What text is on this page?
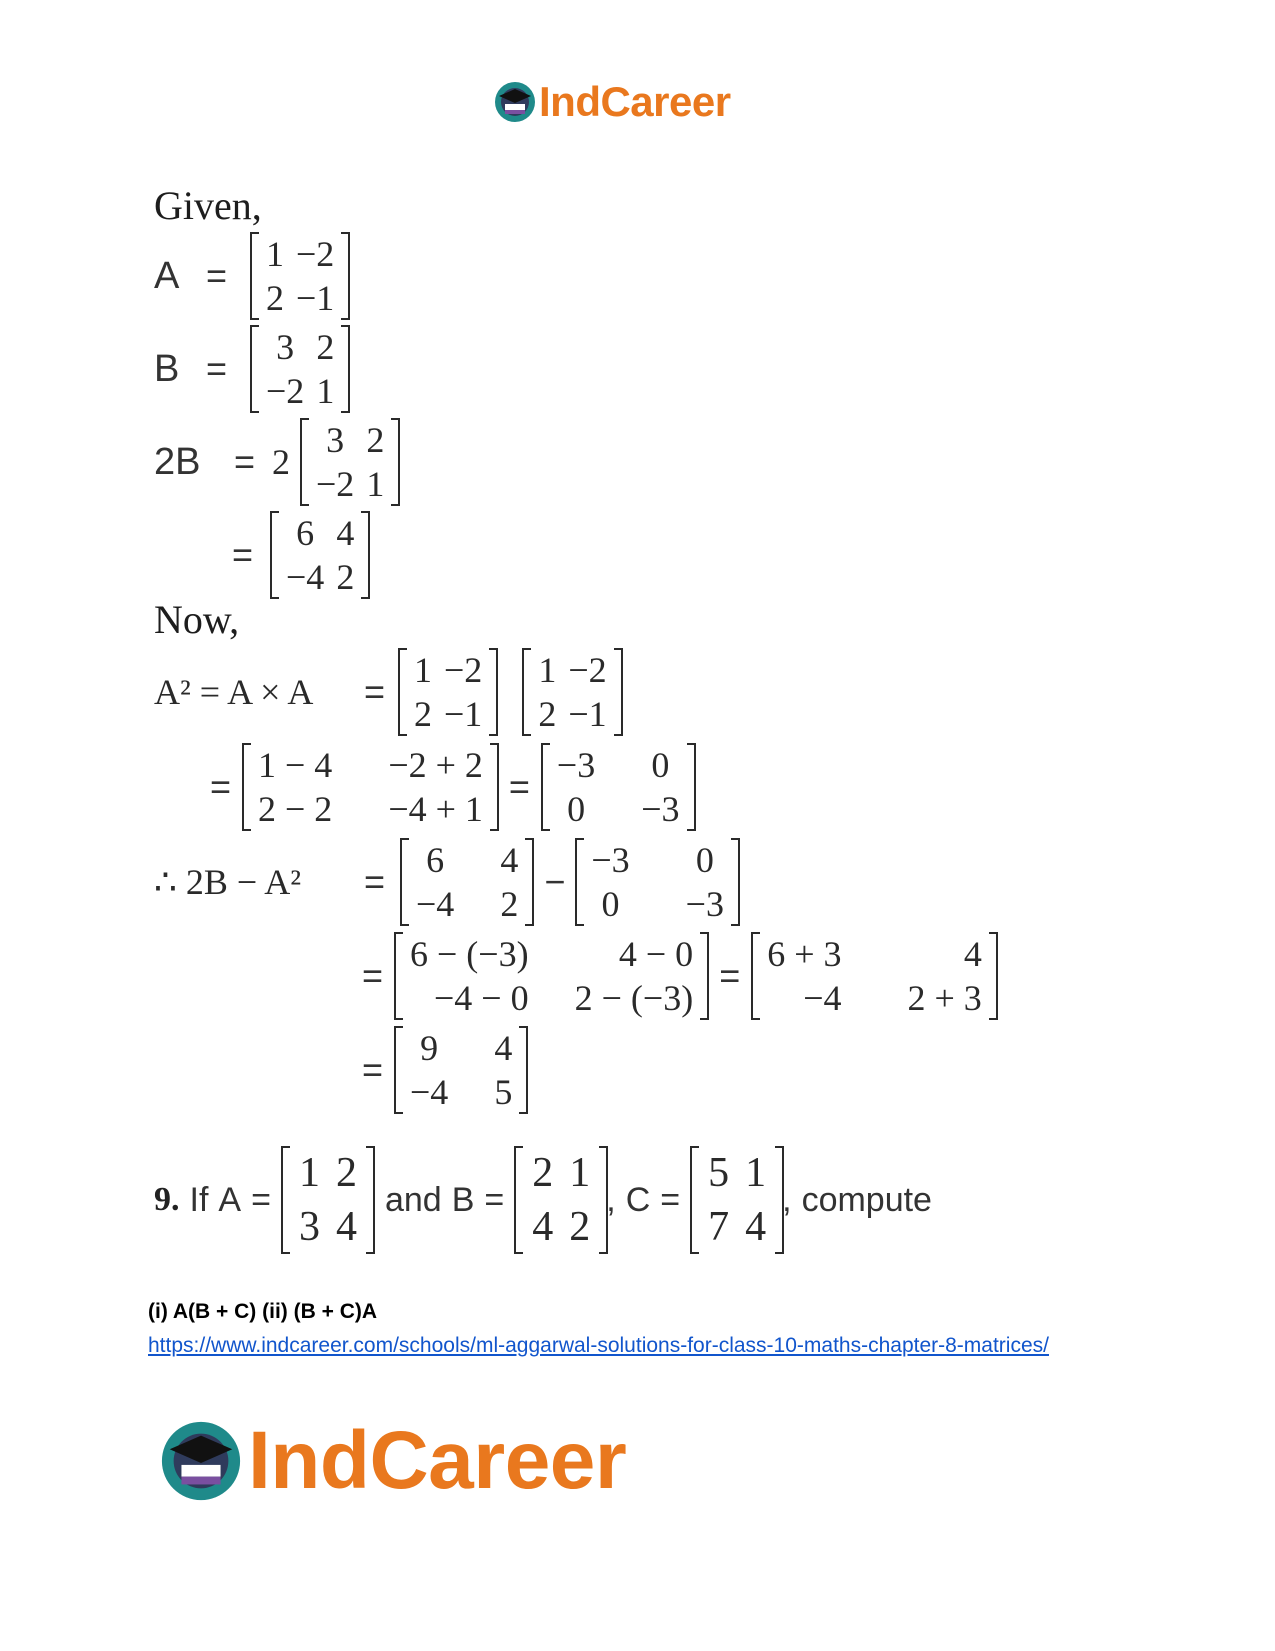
IndCareer
Given,
A =
1	−2
2	−1
B =
3	2
−2	1
2B = 2
3	2
−2	1
=
6	4
−4	2
Now,
A² = A × A	=
1	−2
2	−1
1	−2
2	−1
=
1 − 4	−2 + 2
2 − 2	−4 + 1
=
−3	0
0	−3
∴ 2B − A²	=
6	4
−4	2
−
−3	0
0	−3
=
6 − (−3)	4 − 0
−4 − 0	2 − (−3)
=
6 + 3	4
−4	2 + 3
=
9	4
−4	5
9. If A =
1	2
3	4
and B =
2	1
4	2
, C =
5	1
7	4
, compute
(i) A(B + C) (ii) (B + C)A
https://www.indcareer.com/schools/ml-aggarwal-solutions-for-class-10-maths-chapter-8-matrices/
IndCareer
